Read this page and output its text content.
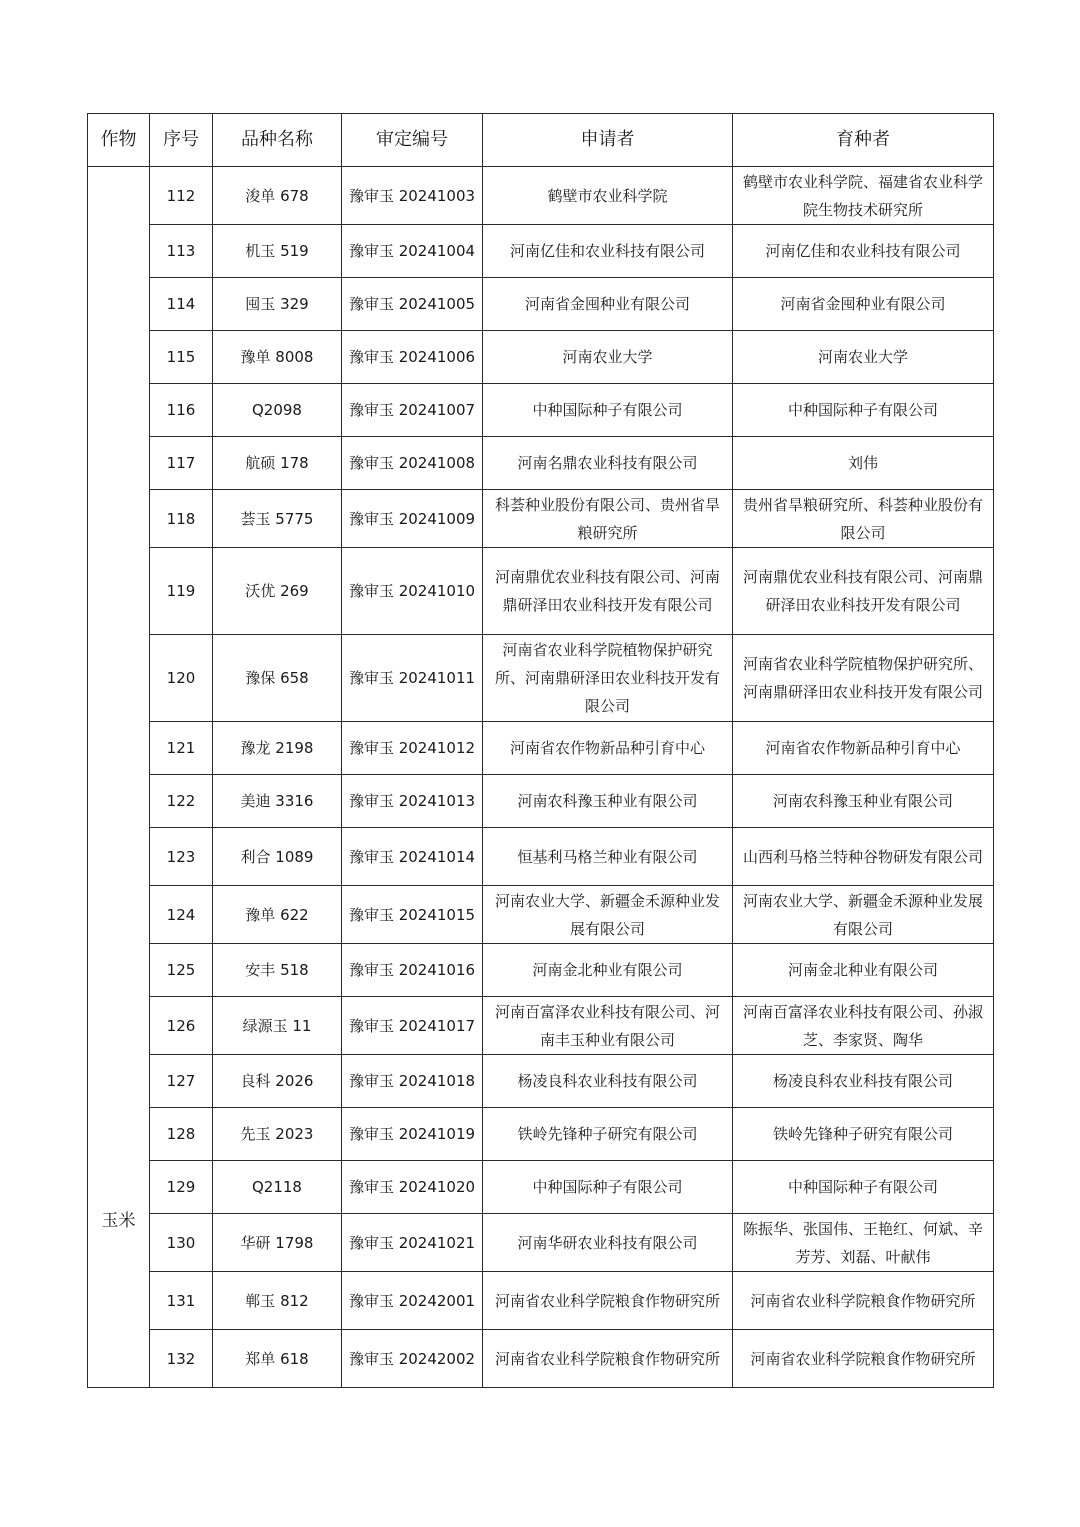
作物	序号	品种名称	审定编号	申请者	育种者
	112	浚单 678	豫审玉 20241003	鹤壁市农业科学院	鹤壁市农业科学院、福建省农业科学院生物技术研究所
	113	机玉 519	豫审玉 20241004	河南亿佳和农业科技有限公司	河南亿佳和农业科技有限公司
	114	囤玉 329	豫审玉 20241005	河南省金囤种业有限公司	河南省金囤种业有限公司
	115	豫单 8008	豫审玉 20241006	河南农业大学	河南农业大学
	116	Q2098	豫审玉 20241007	中种国际种子有限公司	中种国际种子有限公司
	117	航硕 178	豫审玉 20241008	河南名鼎农业科技有限公司	刘伟
	118	荟玉 5775	豫审玉 20241009	科荟种业股份有限公司、贵州省旱粮研究所	贵州省旱粮研究所、科荟种业股份有限公司
	119	沃优 269	豫审玉 20241010	河南鼎优农业科技有限公司、河南鼎研泽田农业科技开发有限公司	河南鼎优农业科技有限公司、河南鼎研泽田农业科技开发有限公司
	120	豫保 658	豫审玉 20241011	河南省农业科学院植物保护研究所、河南鼎研泽田农业科技开发有限公司	河南省农业科学院植物保护研究所、河南鼎研泽田农业科技开发有限公司
	121	豫龙 2198	豫审玉 20241012	河南省农作物新品种引育中心	河南省农作物新品种引育中心
	122	美迪 3316	豫审玉 20241013	河南农科豫玉种业有限公司	河南农科豫玉种业有限公司
	123	利合 1089	豫审玉 20241014	恒基利马格兰种业有限公司	山西利马格兰特种谷物研发有限公司
	124	豫单 622	豫审玉 20241015	河南农业大学、新疆金禾源种业发展有限公司	河南农业大学、新疆金禾源种业发展有限公司
	125	安丰 518	豫审玉 20241016	河南金北种业有限公司	河南金北种业有限公司
	126	绿源玉 11	豫审玉 20241017	河南百富泽农业科技有限公司、河南丰玉种业有限公司	河南百富泽农业科技有限公司、孙淑芝、李家贤、陶华
玉米	127	良科 2026	豫审玉 20241018	杨凌良科农业科技有限公司	杨凌良科农业科技有限公司
	128	先玉 2023	豫审玉 20241019	铁岭先锋种子研究有限公司	铁岭先锋种子研究有限公司
	129	Q2118	豫审玉 20241020	中种国际种子有限公司	中种国际种子有限公司
	130	华研 1798	豫审玉 20241021	河南华研农业科技有限公司	陈振华、张国伟、王艳红、何斌、辛芳芳、刘磊、叶献伟
	131	郸玉 812	豫审玉 20242001	河南省农业科学院粮食作物研究所	河南省农业科学院粮食作物研究所
	132	郑单 618	豫审玉 20242002	河南省农业科学院粮食作物研究所	河南省农业科学院粮食作物研究所
